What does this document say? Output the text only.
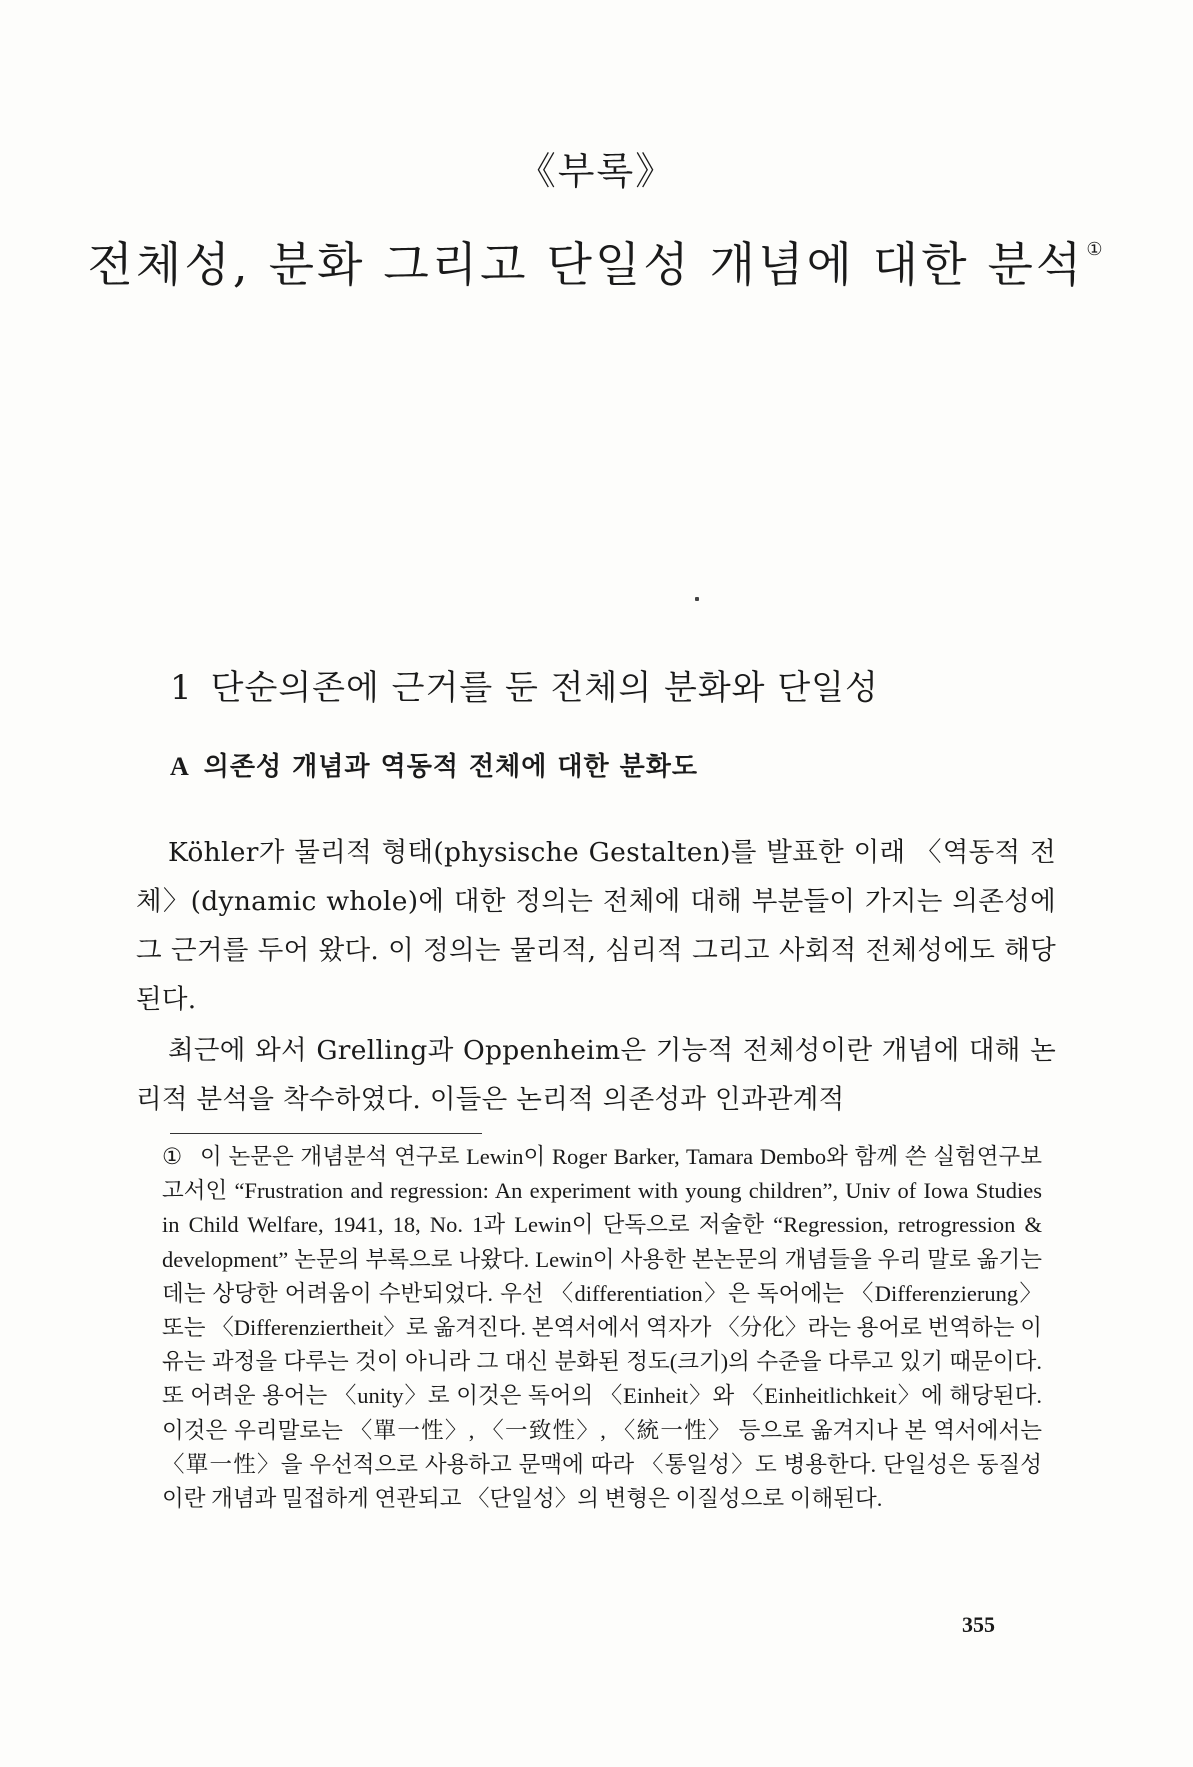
《부록》
전체성, 분화 그리고 단일성 개념에 대한 분석 ①
1 단순의존에 근거를 둔 전체의 분화와 단일성
A 의존성 개념과 역동적 전체에 대한 분화도

Köhler가 물리적 형태(physische Gestalten)를 발표한 이래 〈역동적 전체〉(dynamic whole)에 대한 정의는 전체에 대해 부분들이 가지는 의존성에 그 근거를 두어 왔다. 이 정의는 물리적, 심리적 그리고 사회적 전체성에도 해당된다.

최근에 와서 Grelling과 Oppenheim은 기능적 전체성이란 개념에 대해 논리적 분석을 착수하였다. 이들은 논리적 의존성과 인과관계적

① 이 논문은 개념분석 연구로 Lewin이 Roger Barker, Tamara Dembo와 함께 쓴 실험연구보고서인 “Frustration and regression: An experiment with young children”, Univ of Iowa Studies in Child Welfare, 1941, 18, No. 1과 Lewin이 단독으로 저술한 “Regression, retrogression & development” 논문의 부록으로 나왔다. Lewin이 사용한 본논문의 개념들을 우리 말로 옮기는 데는 상당한 어려움이 수반되었다. 우선 〈differentiation〉은 독어에는 〈Differenzierung〉 또는 〈Differenziertheit〉로 옮겨진다. 본역서에서 역자가 〈分化〉라는 용어로 번역하는 이유는 과정을 다루는 것이 아니라 그 대신 분화된 정도(크기)의 수준을 다루고 있기 때문이다. 또 어려운 용어는 〈unity〉로 이것은 독어의 〈Einheit〉와 〈Einheitlichkeit〉에 해당된다. 이것은 우리말로는 〈單一性〉, 〈一致性〉, 〈統一性〉 등으로 옮겨지나 본 역서에서는 〈單一性〉을 우선적으로 사용하고 문맥에 따라 〈통일성〉도 병용한다. 단일성은 동질성이란 개념과 밀접하게 연관되고 〈단일성〉의 변형은 이질성으로 이해된다.
355
